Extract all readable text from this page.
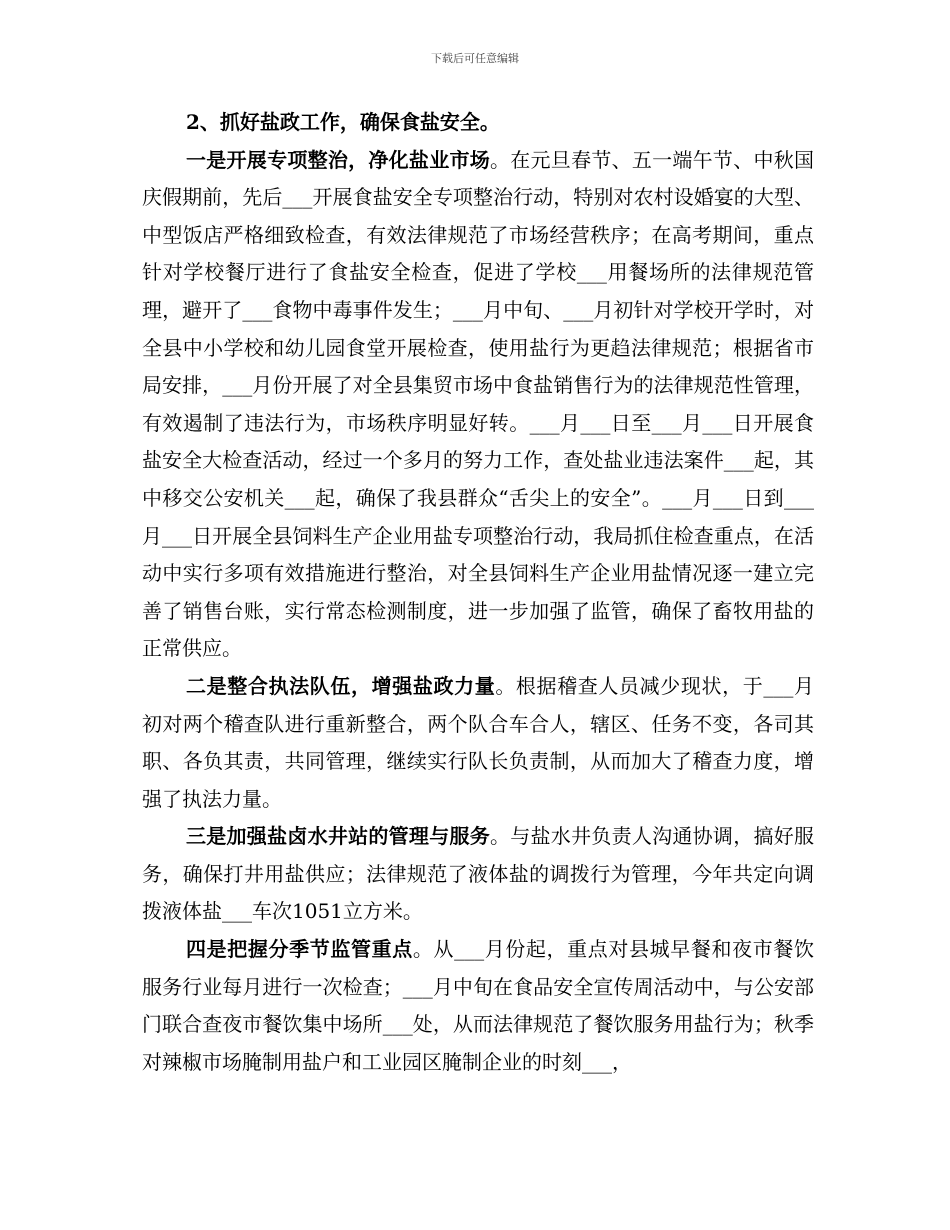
下载后可任意编辑
2、抓好盐政工作，确保食盐安全。

一是开展专项整治，净化盐业市场。在元旦春节、五一端午节、中秋国庆假期前，先后___开展食盐安全专项整治行动，特别对农村设婚宴的大型、中型饭店严格细致检查，有效法律规范了市场经营秩序；在高考期间，重点针对学校餐厅进行了食盐安全检查，促进了学校___用餐场所的法律规范管理，避开了___食物中毒事件发生；___月中旬、___月初针对学校开学时，对全县中小学校和幼儿园食堂开展检查，使用盐行为更趋法律规范；根据省市局安排，___月份开展了对全县集贸市场中食盐销售行为的法律规范性管理，有效遏制了违法行为，市场秩序明显好转。___月___日至___月___日开展食盐安全大检查活动，经过一个多月的努力工作，查处盐业违法案件___起，其中移交公安机关___起，确保了我县群众“舌尖上的安全”。___月___日到___月___日开展全县饲料生产企业用盐专项整治行动，我局抓住检查重点，在活动中实行多项有效措施进行整治，对全县饲料生产企业用盐情况逐一建立完善了销售台账，实行常态检测制度，进一步加强了监管，确保了畜牧用盐的正常供应。

二是整合执法队伍，增强盐政力量。根据稽查人员减少现状，于___月初对两个稽查队进行重新整合，两个队合车合人，辖区、任务不变，各司其职、各负其责，共同管理，继续实行队长负责制，从而加大了稽查力度，增强了执法力量。

三是加强盐卤水井站的管理与服务。与盐水井负责人沟通协调，搞好服务，确保打井用盐供应；法律规范了液体盐的调拨行为管理，今年共定向调拨液体盐___车次1051立方米。

四是把握分季节监管重点。从___月份起，重点对县城早餐和夜市餐饮服务行业每月进行一次检查；___月中旬在食品安全宣传周活动中，与公安部门联合查夜市餐饮集中场所___处，从而法律规范了餐饮服务用盐行为；秋季对辣椒市场腌制用盐户和工业园区腌制企业的时刻___，
